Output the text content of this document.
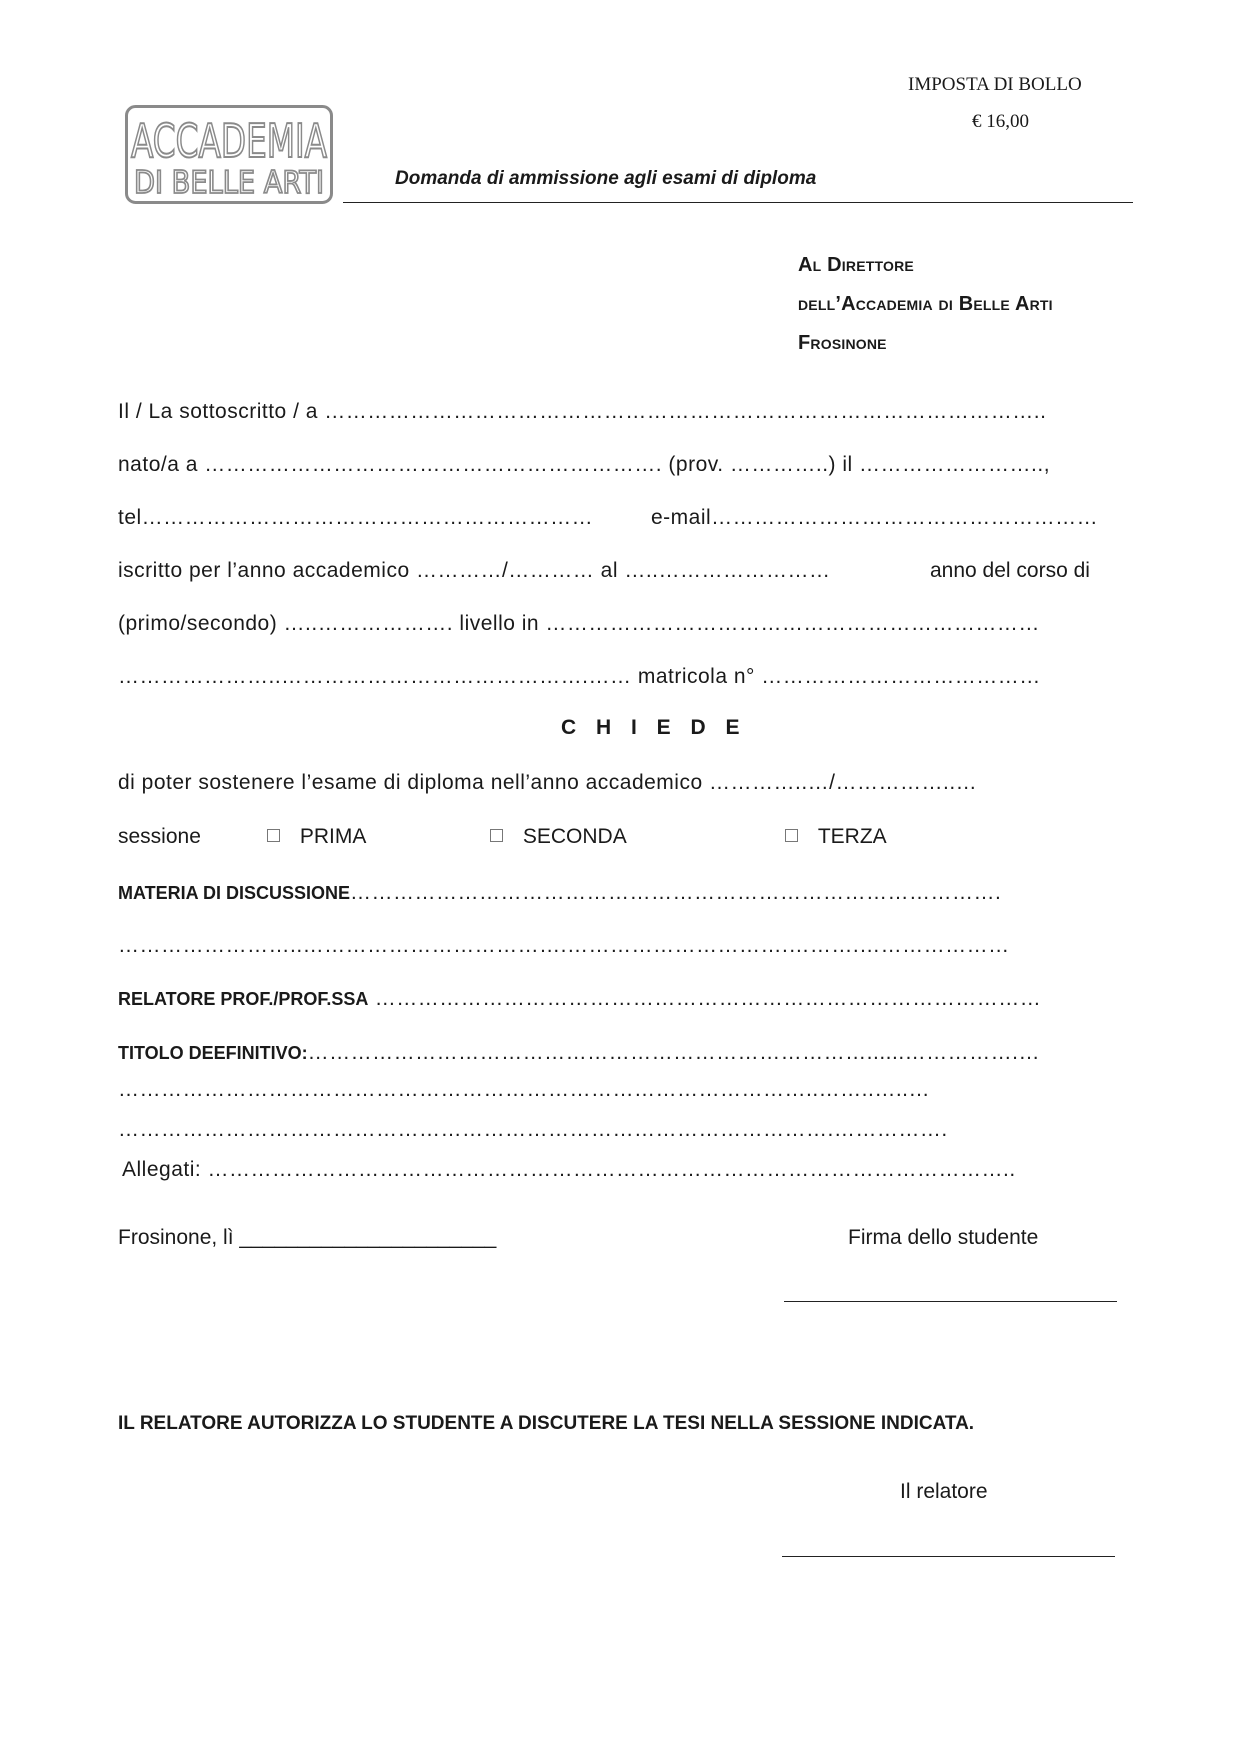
IMPOSTA DI BOLLO
€ 16,00
ACCADEMIA
DI BELLE ARTI	Domanda di ammissione agli esami di diploma
Al Direttore
dell’Accademia di Belle Arti
Frosinone
Il / La sottoscritto / a ………………………………………………………………………………………..
nato/a a ………………………………………………………. (prov. …………..) il ……………………..,
tel………………………………………………………	e-mail………………………………………………
iscritto per l’anno accademico …………/………… al …..……………………	anno del corso di
(primo/secondo) …..………………. livello in ……………………………………………………………
…………………..…………………………………….…… matricola n° …………………………………
C H I E D E
di poter sostenere l’esame di diploma nell’anno accademico …………..…/……………..…
sessione	PRIMA	SECONDA	TERZA
MATERIA DI DISCUSSIONE……………………………………………………………………………….
……………………..……………………………….………………………….……….…………………
RELATORE PROF./PROF.SSA …………………………………………………………………………………
TITOLO DEEFINITIVO:……………………………………………………………………......…………….…
……………………………………………………………………………………..……..…..…
……………………………………………………………………………………….…………….
Allegati: …………………………………………………………………………………………………..
Frosinone, lì ______________________	Firma dello studente
IL RELATORE AUTORIZZA LO STUDENTE A DISCUTERE LA TESI NELLA SESSIONE INDICATA.
Il relatore
